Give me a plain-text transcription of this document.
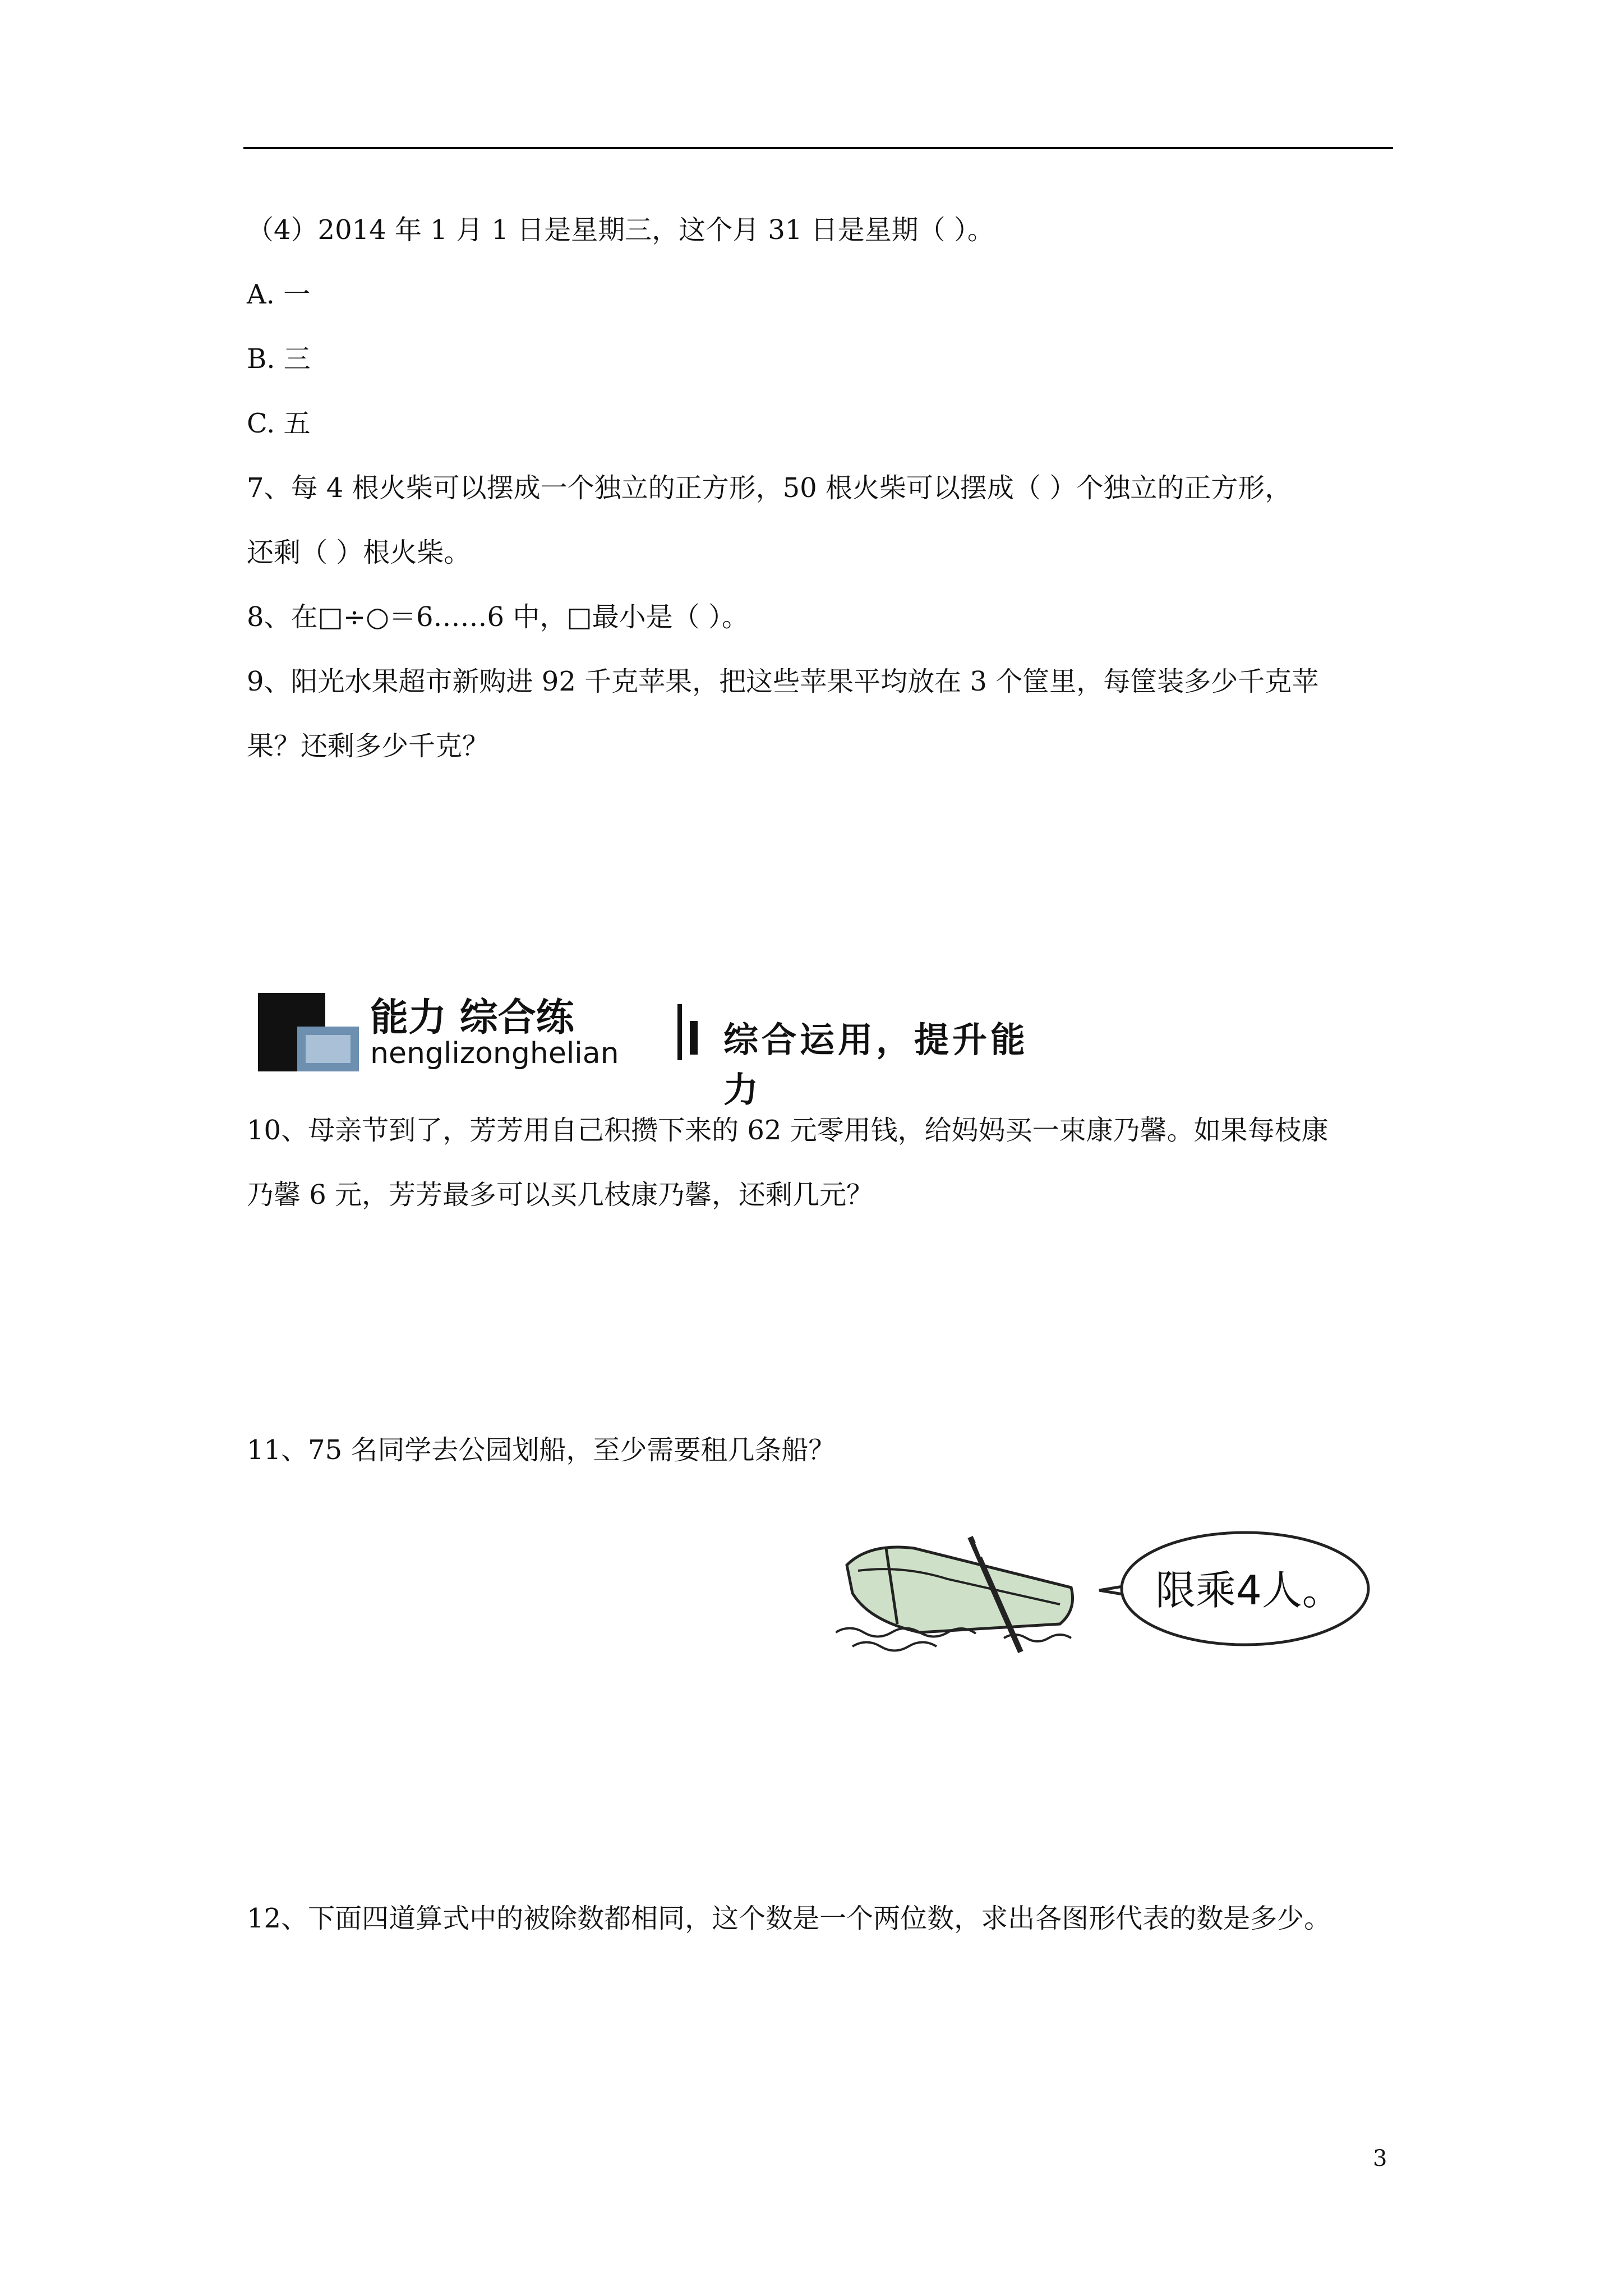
（4）2014 年 1 月 1 日是星期三，这个月 31 日是星期（ ）。
A. 一
B. 三
C. 五
7、每 4 根火柴可以摆成一个独立的正方形，50 根火柴可以摆成（ ）个独立的正方形，
还剩（ ）根火柴。
8、在□÷○＝6……6 中，□最小是（ ）。
9、阳光水果超市新购进 92 千克苹果，把这些苹果平均放在 3 个筐里，每筐装多少千克苹
果？还剩多少千克？
能力 综合练
nenglizonghelian	综合运用，提升能力
10、母亲节到了，芳芳用自己积攒下来的 62 元零用钱，给妈妈买一束康乃馨。如果每枝康
乃馨 6 元，芳芳最多可以买几枝康乃馨，还剩几元？
11、75 名同学去公园划船，至少需要租几条船？
限乘4人。
12、下面四道算式中的被除数都相同，这个数是一个两位数，求出各图形代表的数是多少。
3
